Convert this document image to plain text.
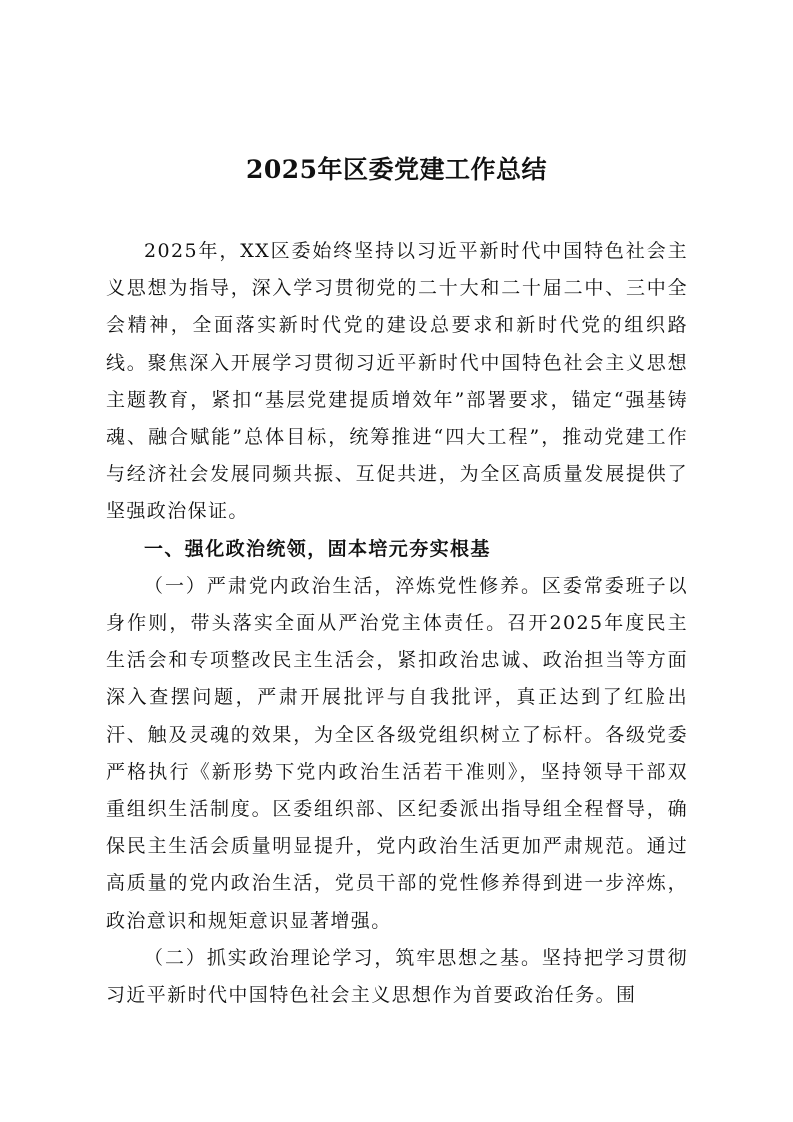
2025年区委党建工作总结

2025年，XX区委始终坚持以习近平新时代中国特色社会主义思想为指导，深入学习贯彻党的二十大和二十届二中、三中全会精神，全面落实新时代党的建设总要求和新时代党的组织路线。聚焦深入开展学习贯彻习近平新时代中国特色社会主义思想主题教育，紧扣“基层党建提质增效年”部署要求，锚定“强基铸魂、融合赋能”总体目标，统筹推进“四大工程”，推动党建工作与经济社会发展同频共振、互促共进，为全区高质量发展提供了坚强政治保证。

一、强化政治统领，固本培元夯实根基

（一）严肃党内政治生活，淬炼党性修养。区委常委班子以身作则，带头落实全面从严治党主体责任。召开2025年度民主生活会和专项整改民主生活会，紧扣政治忠诚、政治担当等方面深入查摆问题，严肃开展批评与自我批评，真正达到了红脸出汗、触及灵魂的效果，为全区各级党组织树立了标杆。各级党委严格执行《新形势下党内政治生活若干准则》，坚持领导干部双重组织生活制度。区委组织部、区纪委派出指导组全程督导，确保民主生活会质量明显提升，党内政治生活更加严肃规范。通过高质量的党内政治生活，党员干部的党性修养得到进一步淬炼，政治意识和规矩意识显著增强。

（二）抓实政治理论学习，筑牢思想之基。坚持把学习贯彻习近平新时代中国特色社会主义思想作为首要政治任务。围
